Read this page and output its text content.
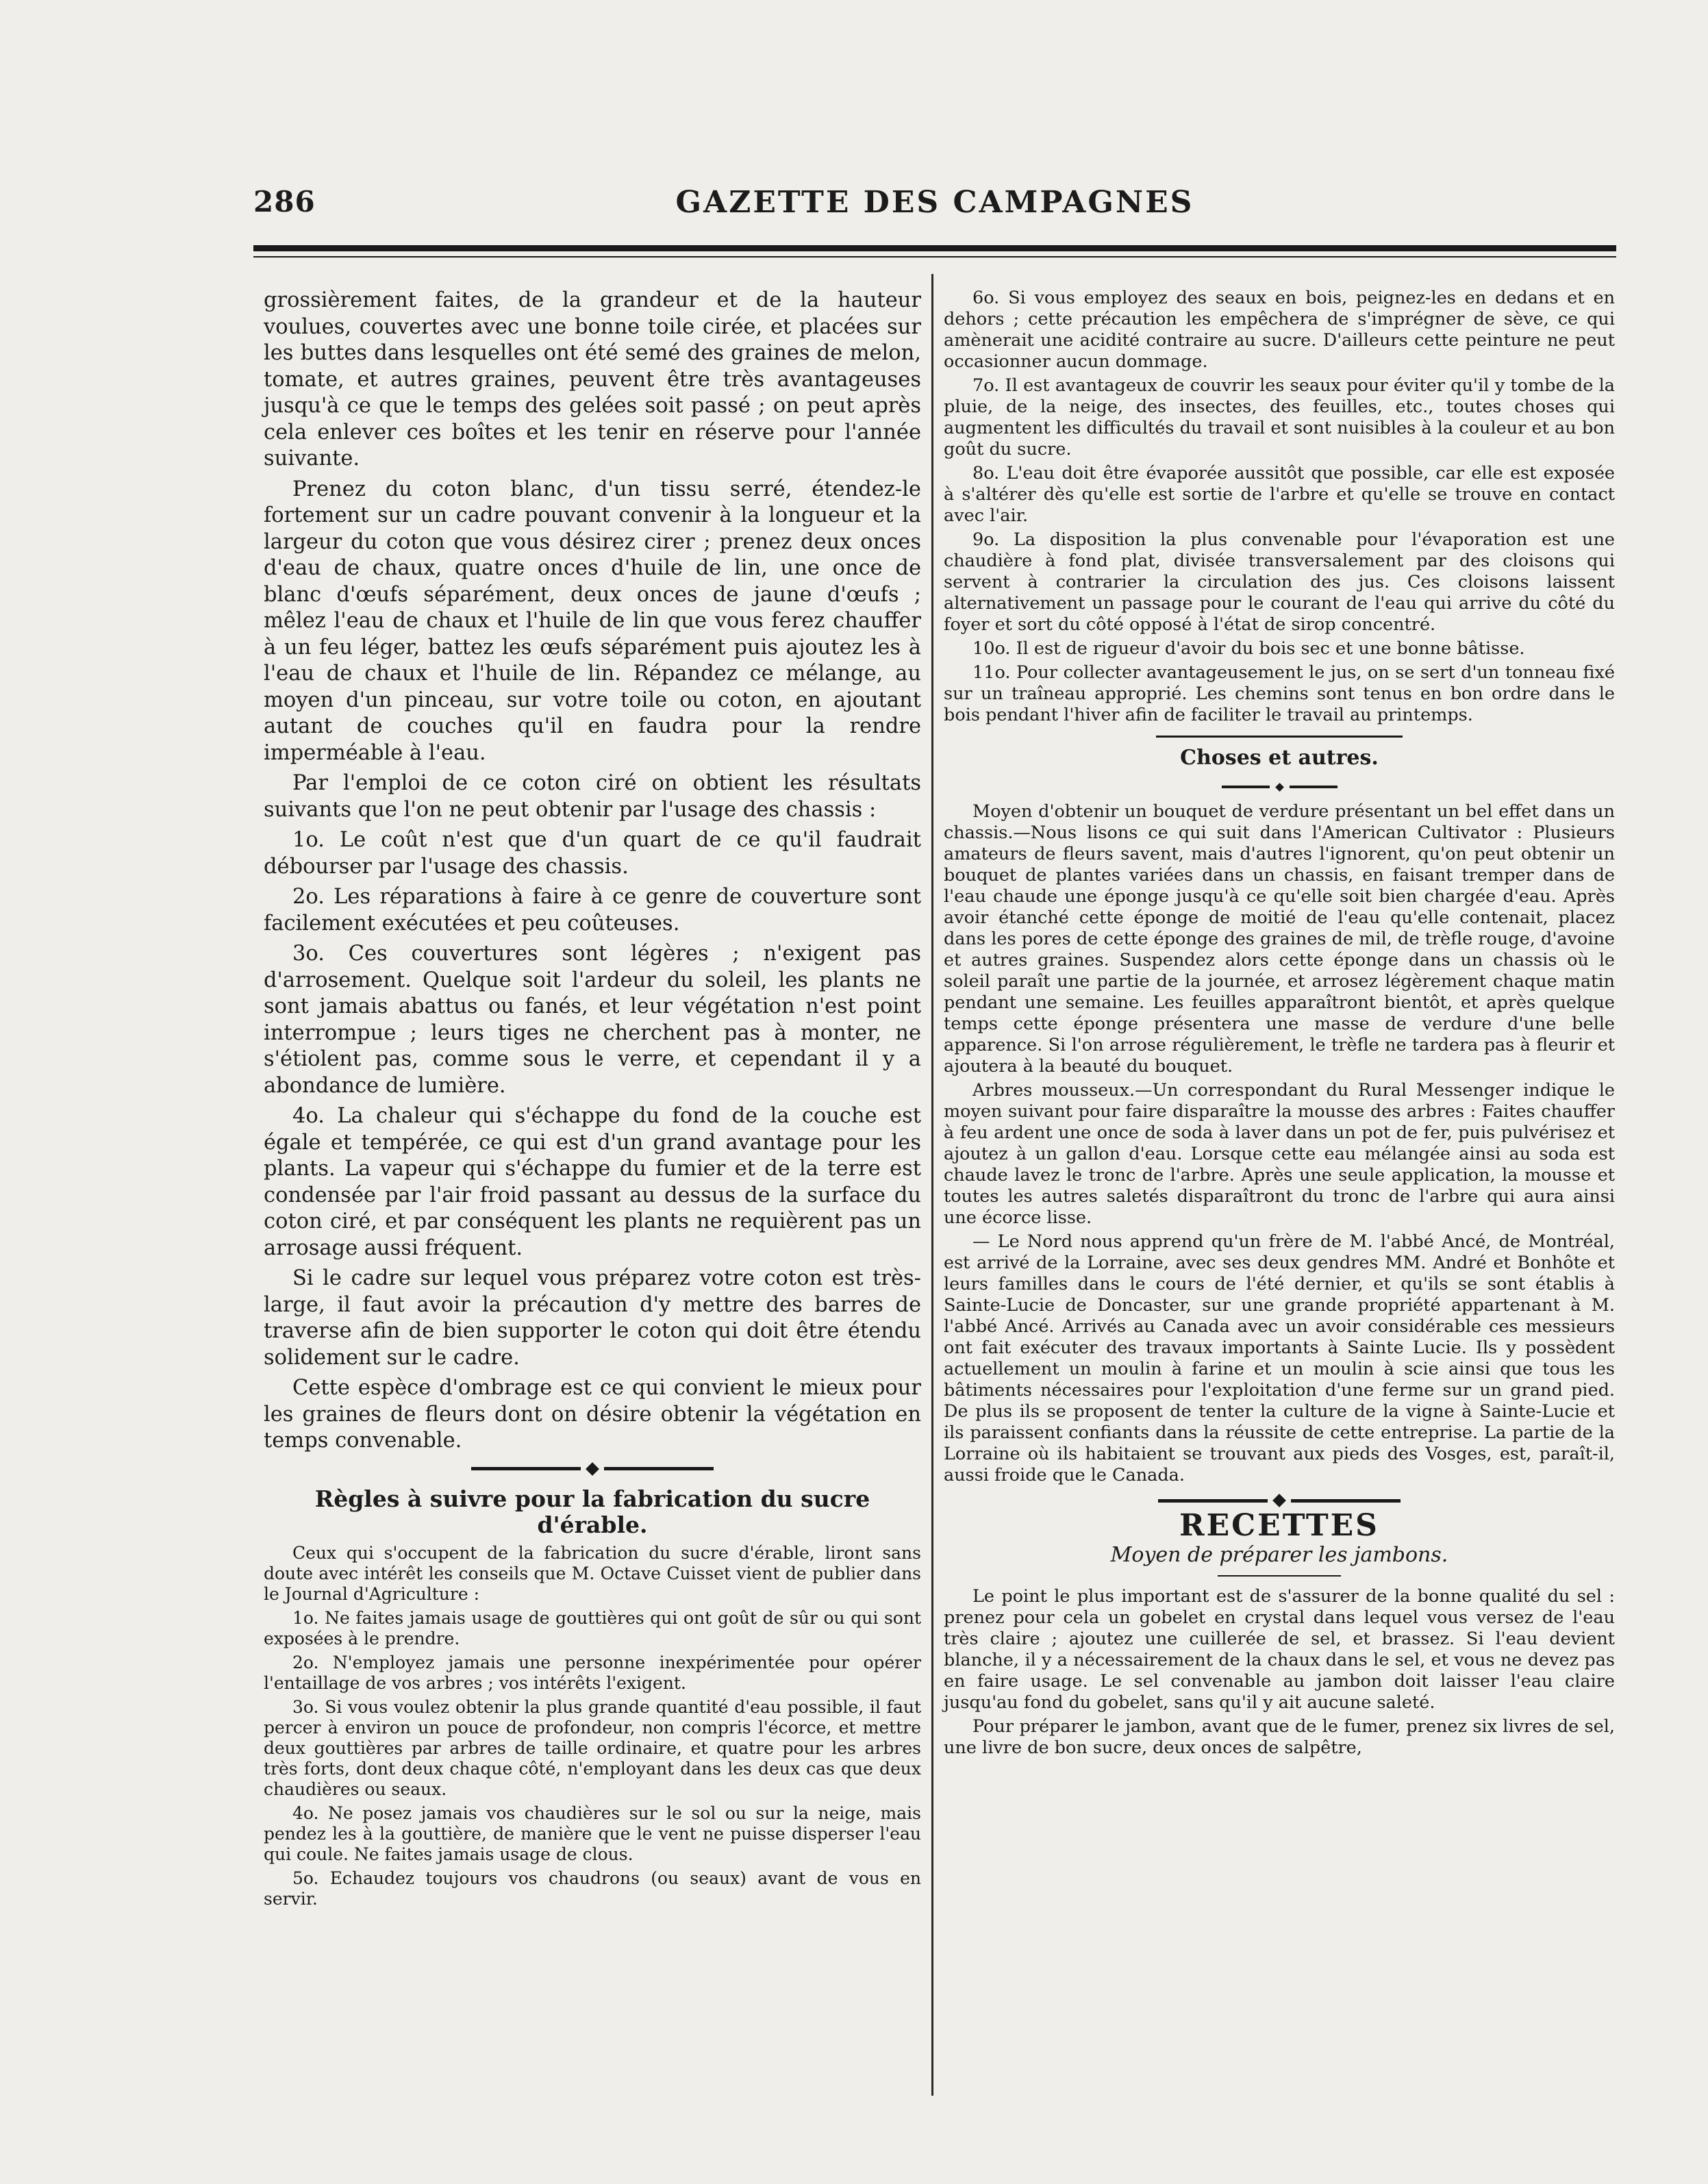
286	GAZETTE DES CAMPAGNES

grossièrement faites, de la grandeur et de la hauteur voulues, couvertes avec une bonne toile cirée, et placées sur les buttes dans lesquelles ont été semé des graines de melon, tomate, et autres graines, peuvent être très avantageuses jusqu'à ce que le temps des gelées soit passé ; on peut après cela enlever ces boîtes et les tenir en réserve pour l'année suivante.

Prenez du coton blanc, d'un tissu serré, étendez-le fortement sur un cadre pouvant convenir à la longueur et la largeur du coton que vous désirez cirer ; prenez deux onces d'eau de chaux, quatre onces d'huile de lin, une once de blanc d'œufs séparément, deux onces de jaune d'œufs ; mêlez l'eau de chaux et l'huile de lin que vous ferez chauffer à un feu léger, battez les œufs séparément puis ajoutez les à l'eau de chaux et l'huile de lin. Répandez ce mélange, au moyen d'un pinceau, sur votre toile ou coton, en ajoutant autant de couches qu'il en faudra pour la rendre imperméable à l'eau.

Par l'emploi de ce coton ciré on obtient les résultats suivants que l'on ne peut obtenir par l'usage des chassis :

1o. Le coût n'est que d'un quart de ce qu'il faudrait débourser par l'usage des chassis.

2o. Les réparations à faire à ce genre de couverture sont facilement exécutées et peu coûteuses.

3o. Ces couvertures sont légères ; n'exigent pas d'arrosement. Quelque soit l'ardeur du soleil, les plants ne sont jamais abattus ou fanés, et leur végétation n'est point interrompue ; leurs tiges ne cherchent pas à monter, ne s'étiolent pas, comme sous le verre, et cependant il y a abondance de lumière.

4o. La chaleur qui s'échappe du fond de la couche est égale et tempérée, ce qui est d'un grand avantage pour les plants. La vapeur qui s'échappe du fumier et de la terre est condensée par l'air froid passant au dessus de la surface du coton ciré, et par conséquent les plants ne requièrent pas un arrosage aussi fréquent.

Si le cadre sur lequel vous préparez votre coton est très-large, il faut avoir la précaution d'y mettre des barres de traverse afin de bien supporter le coton qui doit être étendu solidement sur le cadre.

Cette espèce d'ombrage est ce qui convient le mieux pour les graines de fleurs dont on désire obtenir la végétation en temps convenable.

Règles à suivre pour la fabrication du sucre d'érable.

Ceux qui s'occupent de la fabrication du sucre d'érable, liront sans doute avec intérêt les conseils que M. Octave Cuisset vient de publier dans le Journal d'Agriculture :

1o. Ne faites jamais usage de gouttières qui ont goût de sûr ou qui sont exposées à le prendre.

2o. N'employez jamais une personne inexpérimentée pour opérer l'entaillage de vos arbres ; vos intérêts l'exigent.

3o. Si vous voulez obtenir la plus grande quantité d'eau possible, il faut percer à environ un pouce de profondeur, non compris l'écorce, et mettre deux gouttières par arbres de taille ordinaire, et quatre pour les arbres très forts, dont deux chaque côté, n'employant dans les deux cas que deux chaudières ou seaux.

4o. Ne posez jamais vos chaudières sur le sol ou sur la neige, mais pendez les à la gouttière, de manière que le vent ne puisse disperser l'eau qui coule. Ne faites jamais usage de clous.

5o. Echaudez toujours vos chaudrons (ou seaux) avant de vous en servir.

6o. Si vous employez des seaux en bois, peignez-les en dedans et en dehors ; cette précaution les empêchera de s'imprégner de sève, ce qui amènerait une acidité contraire au sucre. D'ailleurs cette peinture ne peut occasionner aucun dommage.

7o. Il est avantageux de couvrir les seaux pour éviter qu'il y tombe de la pluie, de la neige, des insectes, des feuilles, etc., toutes choses qui augmentent les difficultés du travail et sont nuisibles à la couleur et au bon goût du sucre.

8o. L'eau doit être évaporée aussitôt que possible, car elle est exposée à s'altérer dès qu'elle est sortie de l'arbre et qu'elle se trouve en contact avec l'air.

9o. La disposition la plus convenable pour l'évaporation est une chaudière à fond plat, divisée transversalement par des cloisons qui servent à contrarier la circulation des jus. Ces cloisons laissent alternativement un passage pour le courant de l'eau qui arrive du côté du foyer et sort du côté opposé à l'état de sirop concentré.

10o. Il est de rigueur d'avoir du bois sec et une bonne bâtisse.

11o. Pour collecter avantageusement le jus, on se sert d'un tonneau fixé sur un traîneau approprié. Les chemins sont tenus en bon ordre dans le bois pendant l'hiver afin de faciliter le travail au printemps.

Choses et autres.

Moyen d'obtenir un bouquet de verdure présentant un bel effet dans un chassis.—Nous lisons ce qui suit dans l'American Cultivator : Plusieurs amateurs de fleurs savent, mais d'autres l'ignorent, qu'on peut obtenir un bouquet de plantes variées dans un chassis, en faisant tremper dans de l'eau chaude une éponge jusqu'à ce qu'elle soit bien chargée d'eau. Après avoir étanché cette éponge de moitié de l'eau qu'elle contenait, placez dans les pores de cette éponge des graines de mil, de trèfle rouge, d'avoine et autres graines. Suspendez alors cette éponge dans un chassis où le soleil paraît une partie de la journée, et arrosez légèrement chaque matin pendant une semaine. Les feuilles apparaîtront bientôt, et après quelque temps cette éponge présentera une masse de verdure d'une belle apparence. Si l'on arrose régulièrement, le trèfle ne tardera pas à fleurir et ajoutera à la beauté du bouquet.

Arbres mousseux.—Un correspondant du Rural Messenger indique le moyen suivant pour faire disparaître la mousse des arbres : Faites chauffer à feu ardent une once de soda à laver dans un pot de fer, puis pulvérisez et ajoutez à un gallon d'eau. Lorsque cette eau mélangée ainsi au soda est chaude lavez le tronc de l'arbre. Après une seule application, la mousse et toutes les autres saletés disparaîtront du tronc de l'arbre qui aura ainsi une écorce lisse.

— Le Nord nous apprend qu'un frère de M. l'abbé Ancé, de Montréal, est arrivé de la Lorraine, avec ses deux gendres MM. André et Bonhôte et leurs familles dans le cours de l'été dernier, et qu'ils se sont établis à Sainte-Lucie de Doncaster, sur une grande propriété appartenant à M. l'abbé Ancé. Arrivés au Canada avec un avoir considérable ces messieurs ont fait exécuter des travaux importants à Sainte Lucie. Ils y possèdent actuellement un moulin à farine et un moulin à scie ainsi que tous les bâtiments nécessaires pour l'exploitation d'une ferme sur un grand pied. De plus ils se proposent de tenter la culture de la vigne à Sainte-Lucie et ils paraissent confiants dans la réussite de cette entreprise. La partie de la Lorraine où ils habitaient se trouvant aux pieds des Vosges, est, paraît-il, aussi froide que le Canada.

RECETTES

Moyen de préparer les jambons.

Le point le plus important est de s'assurer de la bonne qualité du sel : prenez pour cela un gobelet en crystal dans lequel vous versez de l'eau très claire ; ajoutez une cuillerée de sel, et brassez. Si l'eau devient blanche, il y a nécessairement de la chaux dans le sel, et vous ne devez pas en faire usage. Le sel convenable au jambon doit laisser l'eau claire jusqu'au fond du gobelet, sans qu'il y ait aucune saleté.

Pour préparer le jambon, avant que de le fumer, prenez six livres de sel, une livre de bon sucre, deux onces de salpêtre,
